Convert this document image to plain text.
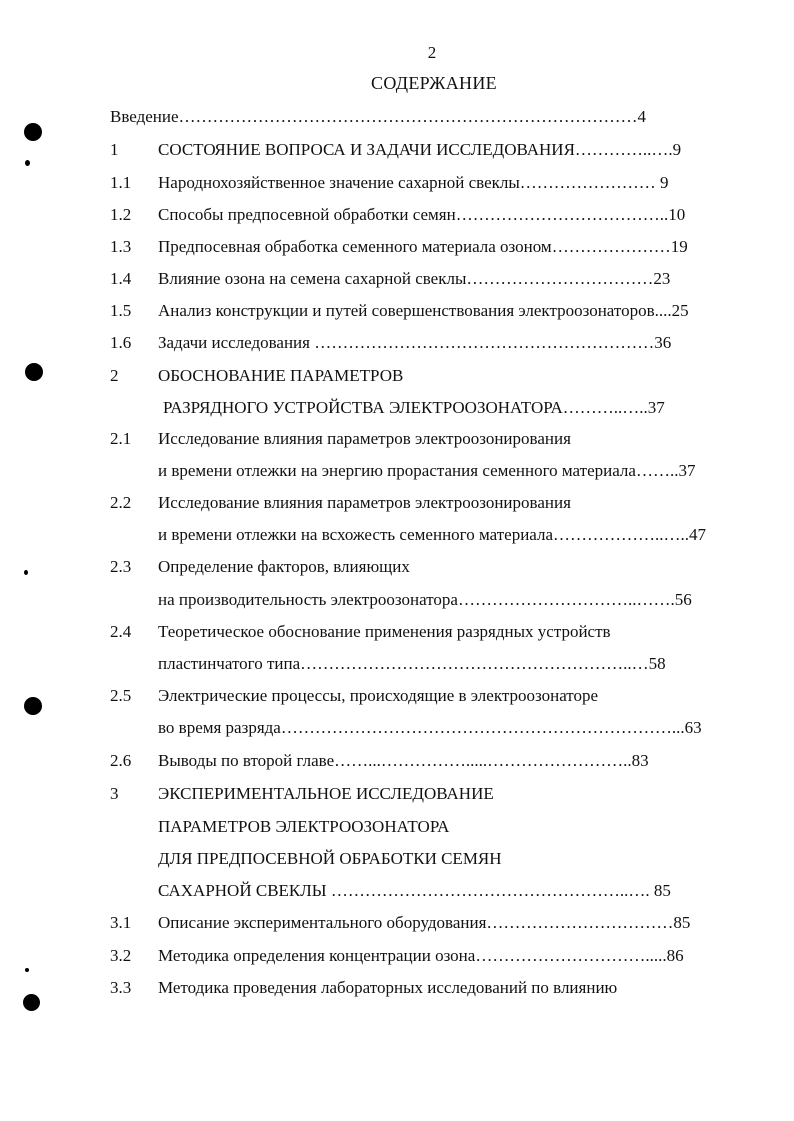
2
СОДЕРЖАНИЕ
Введение………………………………………………………………………4
1 СОСТОЯНИЕ ВОПРОСА И ЗАДАЧИ ИССЛЕДОВАНИЯ…………..….9
1.1 Народнохозяйственное значение сахарной свеклы…………………… 9
1.2 Способы предпосевной обработки семян………………………………..10
1.3 Предпосевная обработка семенного материала озоном…………………19
1.4 Влияние озона на семена сахарной свеклы……………………………23
1.5 Анализ конструкции и путей совершенствования электроозонаторов....25
1.6 Задачи исследования ……………………………………………………36
2 ОБОСНОВАНИЕ ПАРАМЕТРОВ
РАЗРЯДНОГО УСТРОЙСТВА ЭЛЕКТРООЗОНАТОРА………..…..37
2.1 Исследование влияния параметров электроозонирования
и времени отлежки на энергию прорастания семенного материала……..37
2.2 Исследование влияния параметров электроозонирования
и времени отлежки на всхожесть семенного материала………………..…..47
2.3 Определение факторов, влияющих
на производительность электроозонатора…………………………..…….56
2.4 Теоретическое обоснование применения разрядных устройств
пластинчатого типа…………………………………………………..…58
2.5 Электрические процессы, происходящие в электроозонаторе
во время разряда……………………………………………………………...63
2.6 Выводы по второй главе……...…………….....……………………..83
3 ЭКСПЕРИМЕНТАЛЬНОЕ ИССЛЕДОВАНИЕ
ПАРАМЕТРОВ ЭЛЕКТРООЗОНАТОРА
ДЛЯ ПРЕДПОСЕВНОЙ ОБРАБОТКИ СЕМЯН
САХАРНОЙ СВЕКЛЫ ……………………………………………..…. 85
3.1 Описание экспериментального оборудования……………………………85
3.2 Методика определения концентрации озона………………………….....86
3.3 Методика проведения лабораторных исследований по влиянию
